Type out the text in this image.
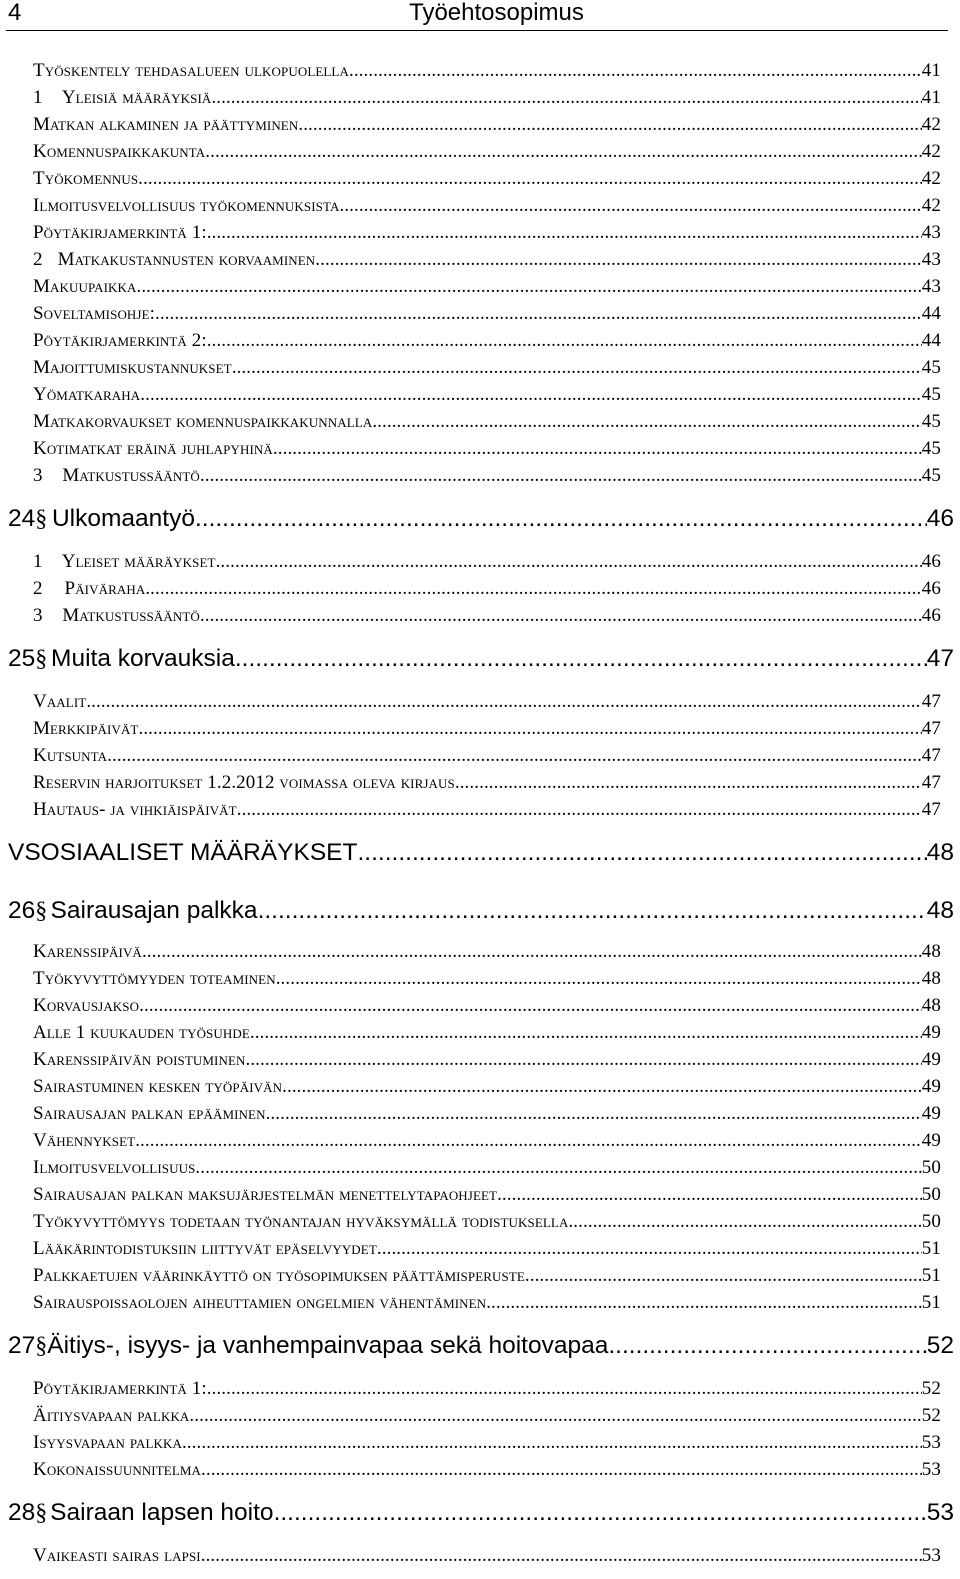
4	Työehtosopimus
Työskentely tehdasalueen ulkopuolella .....	41
1	Yleisiä määräyksiä .....	41
Matkan alkaminen ja päättyminen .....	42
Komennuspaikkakunta .....	42
Työkomennus .....	42
Ilmoitusvelvollisuus työkomennuksista .....	42
Pöytäkirjamerkintä 1: .....	43
2 Matkakustannusten korvaaminen .....	43
Makuupaikka .....	43
Soveltamisohje: .....	44
Pöytäkirjamerkintä 2: .....	44
Majoittumiskustannukset .....	45
Yömatkaraha .....	45
Matkakorvaukset komennuspaikkakunnalla .....	45
Kotimatkat eräinä juhlapyhinä .....	45
3	Matkustussääntö .....	45
24 § Ulkomaantyö .....	46
1	Yleiset määräykset .....	46
2	Päiväraha .....	46
3	Matkustussääntö .....	46
25 § Muita korvauksia .....	47
Vaalit .....	47
Merkkipäivät .....	47
Kutsunta .....	47
Reservin harjoitukset 1.2.2012 voimassa oleva kirjaus .....	47
Hautaus- ja vihkiäispäivät .....	47
V SOSIAALISET MÄÄRÄYKSET .....	48
26 § Sairausajan palkka .....	48
Karenssipäivä .....	48
Työkyvyttömyyden toteaminen .....	48
Korvausjakso .....	48
Alle 1 kuukauden työsuhde .....	49
Karenssipäivän poistuminen .....	49
Sairastuminen kesken työpäivän .....	49
Sairausajan palkan epääminen .....	49
Vähennykset .....	49
Ilmoitusvelvollisuus .....	50
Sairausajan palkan maksujärjestelmän menettelytapaohjeet .....	50
Työkyvyttömyys todetaan työnantajan hyväksymällä todistuksella .....	50
Lääkärintodistuksiin liittyvät epäselvyydet .....	51
Palkkaetujen väärinkäyttö on työsopimuksen päättämisperuste .....	51
Sairauspoissaolojen aiheuttamien ongelmien vähentäminen .....	51
27 § Äitiys-, isyys- ja vanhempainvapaa sekä hoitovapaa .....	52
Pöytäkirjamerkintä 1: .....	52
Äitiysvapaan palkka .....	52
Isyysvapaan palkka .....	53
Kokonaissuunnitelma .....	53
28 § Sairaan lapsen hoito .....	53
Vaikeasti sairas lapsi .....	53
